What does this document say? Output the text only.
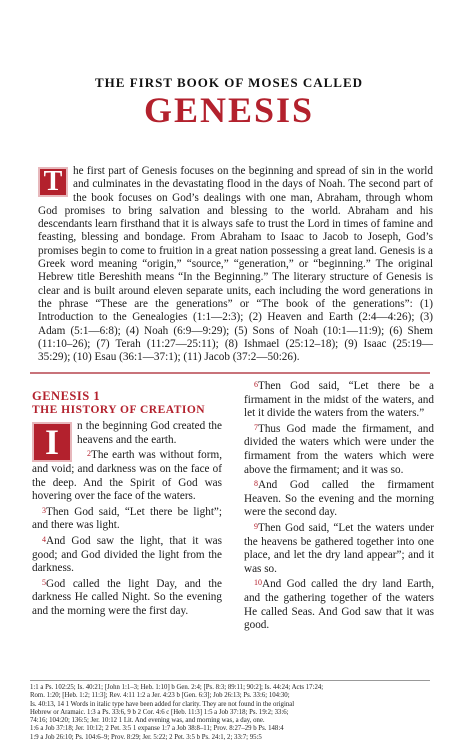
THE FIRST BOOK OF MOSES CALLED
GENESIS
T he first part of Genesis focuses on the beginning and spread of sin in the world and culminates in the devastating flood in the days of Noah. The second part of the book focuses on God’s dealings with one man, Abraham, through whom God promises to bring salvation and blessing to the world. Abraham and his descendants learn firsthand that it is always safe to trust the Lord in times of famine and feasting, blessing and bondage. From Abraham to Isaac to Jacob to Joseph, God’s promises begin to come to fruition in a great nation possessing a great land. Genesis is a Greek word meaning “origin,” “source,” “generation,” or “beginning.” The original Hebrew title Bereshith means “In the Beginning.” The literary structure of Genesis is clear and is built around eleven separate units, each including the word generations in the phrase “These are the generations” or “The book of the generations”: (1) Introduction to the Genealogies (1:1—2:3); (2) Heaven and Earth (2:4—4:26); (3) Adam (5:1—6:8); (4) Noah (6:9—9:29); (5) Sons of Noah (10:1—11:9); (6) Shem (11:10–26); (7) Terah (11:27—25:11); (8) Ishmael (25:12–18); (9) Isaac (25:19—35:29); (10) Esau (36:1—37:1); (11) Jacob (37:2—50:26).
GENESIS 1
THE HISTORY OF CREATION

I	n the beginning God created the heavens and the earth.

2The earth was without form, and void; and darkness was on the face of the deep. And the Spirit of God was hovering over the face of the waters.

3Then God said, “Let there be light”; and there was light.

4And God saw the light, that it was good; and God divided the light from the darkness.

5God called the light Day, and the darkness He called Night. So the evening and the morning were the first day.

6Then God said, “Let there be a firmament in the midst of the waters, and let it divide the waters from the waters.”

7Thus God made the firmament, and divided the waters which were under the firmament from the waters which were above the firmament; and it was so.

8And God called the firmament Heaven. So the evening and the morning were the second day.

9Then God said, “Let the waters under the heavens be gathered together into one place, and let the dry land appear”; and it was so.

10And God called the dry land Earth, and the gathering together of the waters He called Seas. And God saw that it was good.

1:1 a Ps. 102:25; Is. 40:21; [John 1:1–3; Heb. 1:10] b Gen. 2:4; [Ps. 8:3; 89:11; 90:2]; Is. 44:24; Acts 17:24;
Rom. 1:20; [Heb. 1:2; 11:3]; Rev. 4:11 1:2 a Jer. 4:23 b [Gen. 6:3]; Job 26:13; Ps. 33:6; 104:30;
Is. 40:13, 14 1 Words in italic type have been added for clarity. They are not found in the original
Hebrew or Aramaic. 1:3 a Ps. 33:6, 9 b 2 Cor. 4:6 c [Heb. 11:3] 1:5 a Job 37:18; Ps. 19:2; 33:6;
74:16; 104:20; 136:5; Jer. 10:12 1 Lit. And evening was, and morning was, a day, one.
1:6 a Job 37:18; Jer. 10:12; 2 Pet. 3:5 1 expanse 1:7 a Job 38:8–11; Prov. 8:27–29 b Ps. 148:4
1:9 a Job 26:10; Ps. 104:6–9; Prov. 8:29; Jer. 5:22; 2 Pet. 3:5 b Ps. 24:1, 2; 33:7; 95:5
